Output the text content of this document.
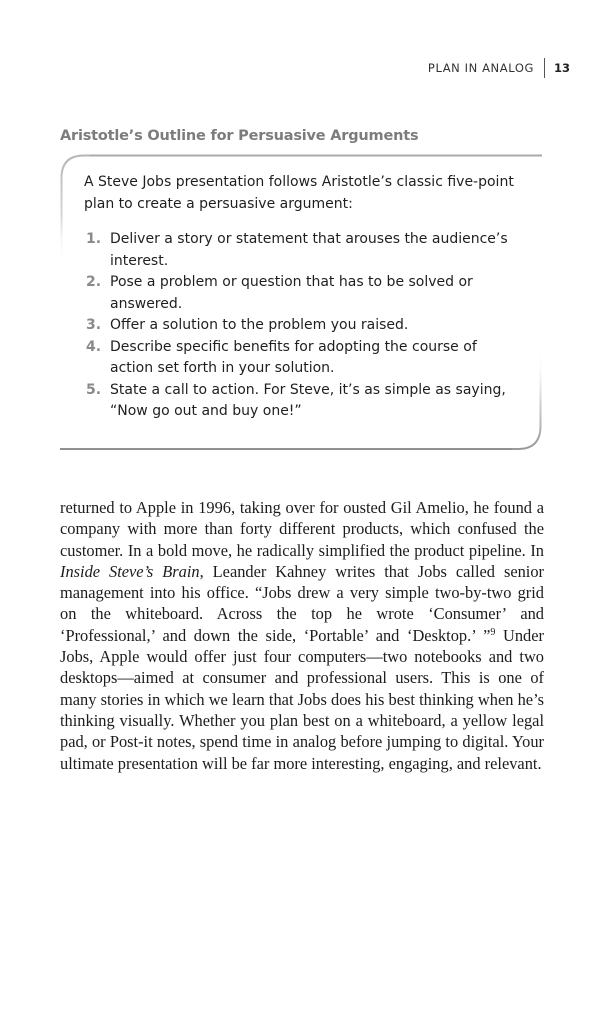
PLAN IN ANALOG 13
Aristotle’s Outline for Persuasive Arguments

A Steve Jobs presentation follows Aristotle’s classic five-point plan to create a persuasive argument:

1. Deliver a story or statement that arouses the audience’s interest.
2. Pose a problem or question that has to be solved or answered.
3. Offer a solution to the problem you raised.
4. Describe specific benefits for adopting the course of action set forth in your solution.
5. State a call to action. For Steve, it’s as simple as saying, “Now go out and buy one!”

returned to Apple in 1996, taking over for ousted Gil Amelio, he found a company with more than forty different products, which confused the customer. In a bold move, he radically simplified the product pipeline. In Inside Steve’s Brain, Leander Kahney writes that Jobs called senior management into his office. “Jobs drew a very simple two-by-two grid on the whiteboard. Across the top he wrote ‘Consumer’ and ‘Professional,’ and down the side, ‘Portable’ and ‘Desktop.’ ”$^9$ Under Jobs, Apple would offer just four computers—two notebooks and two desktops—aimed at consumer and professional users. This is one of many stories in which we learn that Jobs does his best thinking when he’s thinking visually. Whether you plan best on a whiteboard, a yellow legal pad, or Post-it notes, spend time in analog before jumping to digital. Your ultimate presentation will be far more interesting, engaging, and relevant.
